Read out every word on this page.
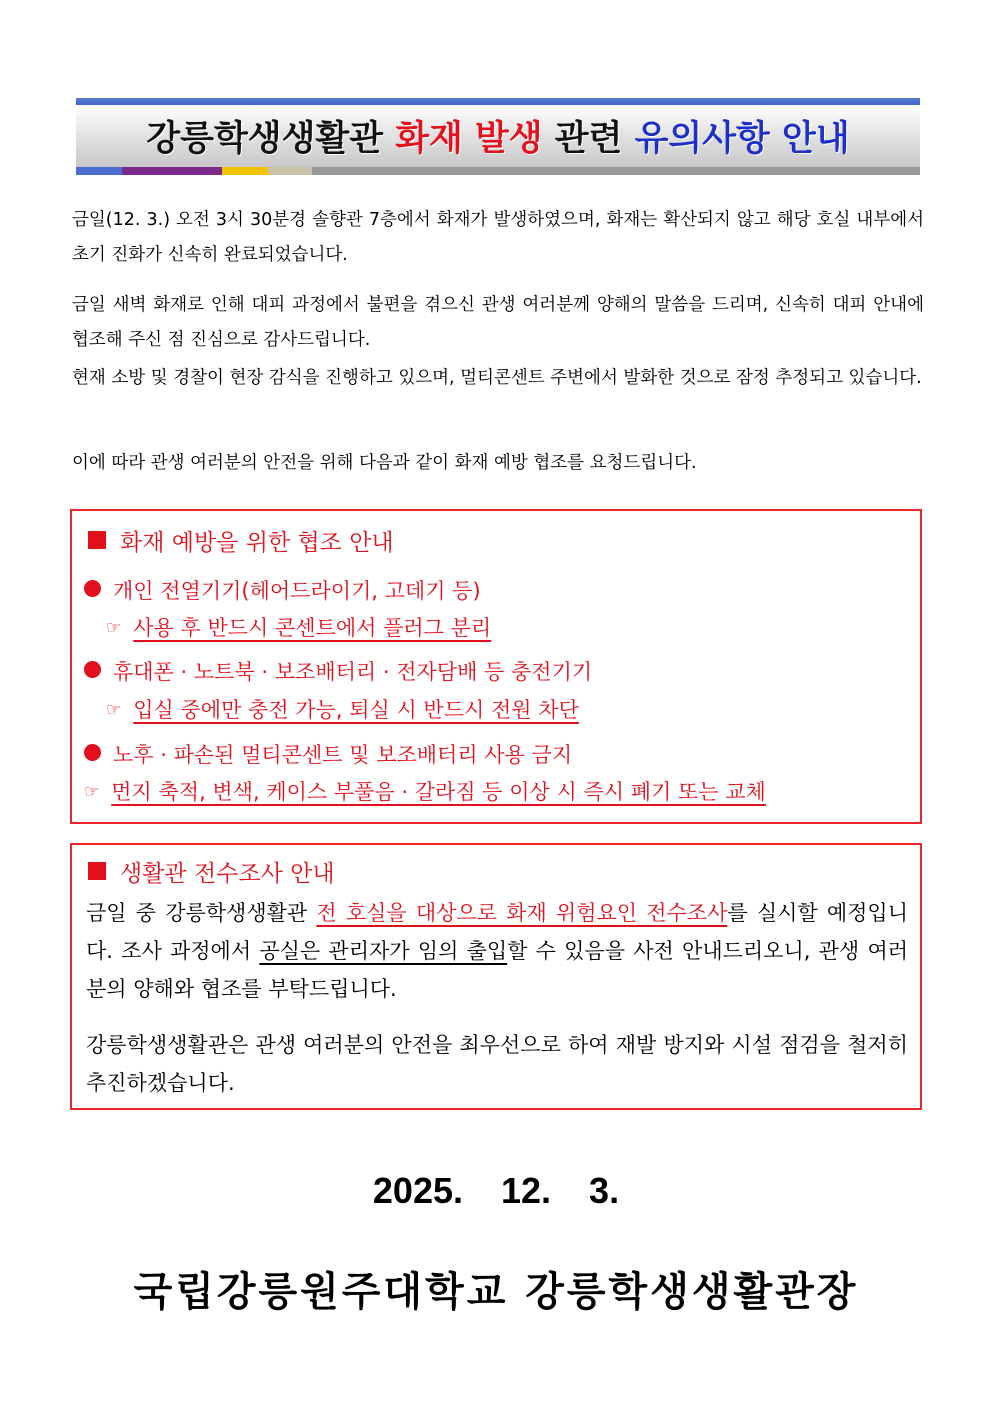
강릉학생생활관 화재 발생 관련 유의사항 안내
금일(12. 3.) 오전 3시 30분경 솔향관 7층에서 화재가 발생하였으며, 화재는 확산되지 않고 해당 호실 내부에서 초기 진화가 신속히 완료되었습니다.
금일 새벽 화재로 인해 대피 과정에서 불편을 겪으신 관생 여러분께 양해의 말씀을 드리며, 신속히 대피 안내에 협조해 주신 점 진심으로 감사드립니다.
현재 소방 및 경찰이 현장 감식을 진행하고 있으며, 멀티콘센트 주변에서 발화한 것으로 잠정 추정되고 있습니다.
이에 따라 관생 여러분의 안전을 위해 다음과 같이 화재 예방 협조를 요청드립니다.
화재 예방을 위한 협조 안내
개인 전열기기(헤어드라이기, 고데기 등)
☞ 사용 후 반드시 콘센트에서 플러그 분리
휴대폰 · 노트북 · 보조배터리 · 전자담배 등 충전기기
☞ 입실 중에만 충전 가능, 퇴실 시 반드시 전원 차단
노후 · 파손된 멀티콘센트 및 보조배터리 사용 금지
☞ 먼지 축적, 변색, 케이스 부풀음 · 갈라짐 등 이상 시 즉시 폐기 또는 교체
생활관 전수조사 안내
금일 중 강릉학생생활관 전 호실을 대상으로 화재 위험요인 전수조사를 실시할 예정입니다. 조사 과정에서 공실은 관리자가 임의 출입할 수 있음을 사전 안내드리오니, 관생 여러분의 양해와 협조를 부탁드립니다.
강릉학생생활관은 관생 여러분의 안전을 최우선으로 하여 재발 방지와 시설 점검을 철저히 추진하겠습니다.
2025. 12. 3.
국립강릉원주대학교 강릉학생생활관장
